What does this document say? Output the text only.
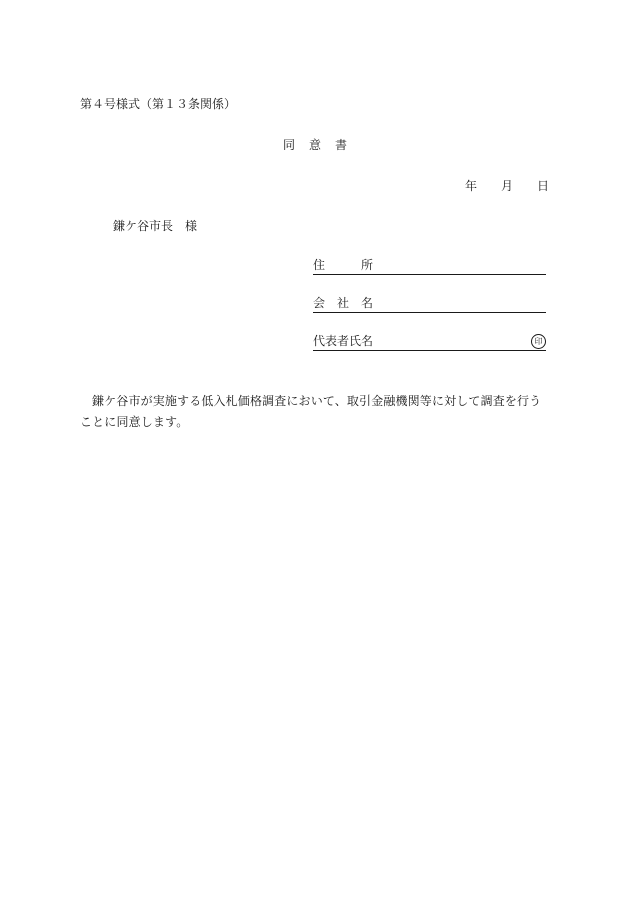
第４号様式（第１３条関係）
同 意 書
年 月 日
鎌ケ谷市長 様
住	所
会 社 名
代表者氏名	印
鎌ケ谷市が実施する低入札価格調査において、取引金融機関等に対して調査を行うことに同意します。
